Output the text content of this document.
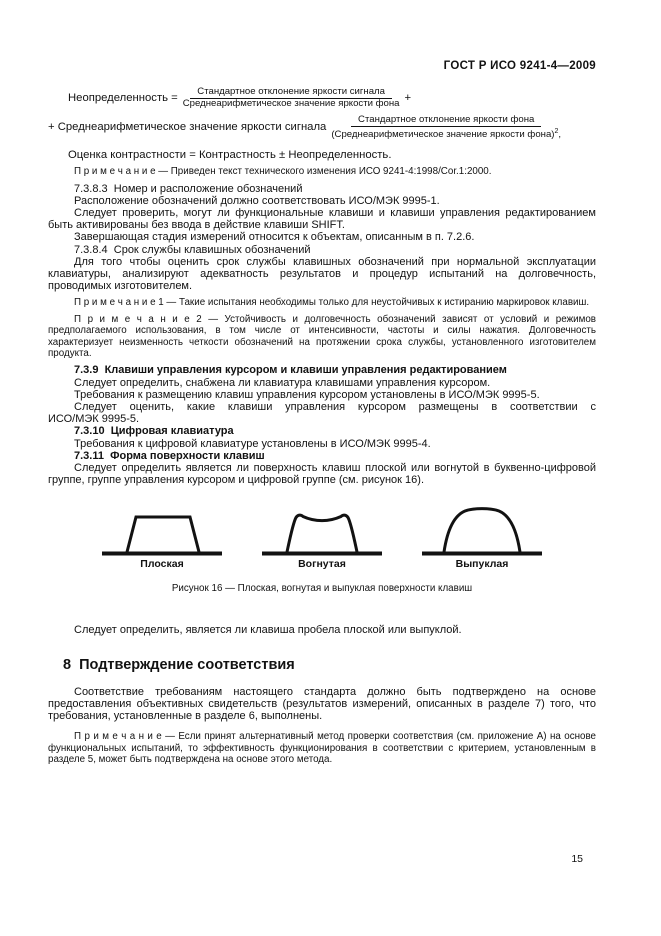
ГОСТ Р ИСО 9241-4—2009
Неопределенность = $\frac{\text{Стандартное отклонение яркости сигнала}}{\text{Среднеарифметическое значение яркости фона}}$ +
+ Среднеарифметическое значение яркости сигнала $\frac{\text{Стандартное отклонение яркости фона}}{(Среднеарифметическое значение яркости фона)^2,}$
Оценка контрастности = Контрастность ± Неопределенность.

П р и м е ч а н и е — Приведен текст технического изменения ИСО 9241-4:1998/Cor.1:2000.

7.3.8.3  Номер и расположение обозначений

Расположение обозначений должно соответствовать ИСО/МЭК 9995-1.

Следует проверить, могут ли функциональные клавиши и клавиши управления редактированием быть активированы без ввода в действие клавиши SHIFT.

Завершающая стадия измерений относится к объектам, описанным в п. 7.2.6.

7.3.8.4  Срок службы клавишных обозначений

Для того чтобы оценить срок службы клавишных обозначений при нормальной эксплуатации клавиатуры, анализируют адекватность результатов и процедур испытаний на долговечность, проводимых изготовителем.

П р и м е ч а н и е 1 — Такие испытания необходимы только для неустойчивых к истиранию маркировок клавиш.

П р и м е ч а н и е 2 — Устойчивость и долговечность обозначений зависят от условий и режимов предполагаемого использования, в том числе от интенсивности, частоты и силы нажатия. Долговечность характеризует неизменность четкости обозначений на протяжении срока службы, установленного изготовителем продукта.

7.3.9  Клавиши управления курсором и клавиши управления редактированием

Следует определить, снабжена ли клавиатура клавишами управления курсором.

Требования к размещению клавиш управления курсором установлены в ИСО/МЭК 9995-5.

Следует оценить, какие клавиши управления курсором размещены в соответствии с
ИСО/МЭК 9995-5.

7.3.10  Цифровая клавиатура

Требования к цифровой клавиатуре установлены в ИСО/МЭК 9995-4.

7.3.11  Форма поверхности клавиш

Следует определить является ли поверхность клавиш плоской или вогнутой в буквенно-цифровой группе, группе управления курсором и цифровой группе (см. рисунок 16).

Плоская	Вогнутая	Выпуклая
Рисунок 16 — Плоская, вогнутая и выпуклая поверхности клавиш

Следует определить, является ли клавиша пробела плоской или выпуклой.

8  Подтверждение соответствия

Соответствие требованиям настоящего стандарта должно быть подтверждено на основе предоставления объективных свидетельств (результатов измерений, описанных в разделе 7) того, что требования, установленные в разделе 6, выполнены.

П р и м е ч а н и е — Если принят альтернативный метод проверки соответствия (см. приложение А) на основе функциональных испытаний, то эффективность функционирования в соответствии с критерием, установленным в разделе 5, может быть подтверждена на основе этого метода.

15
